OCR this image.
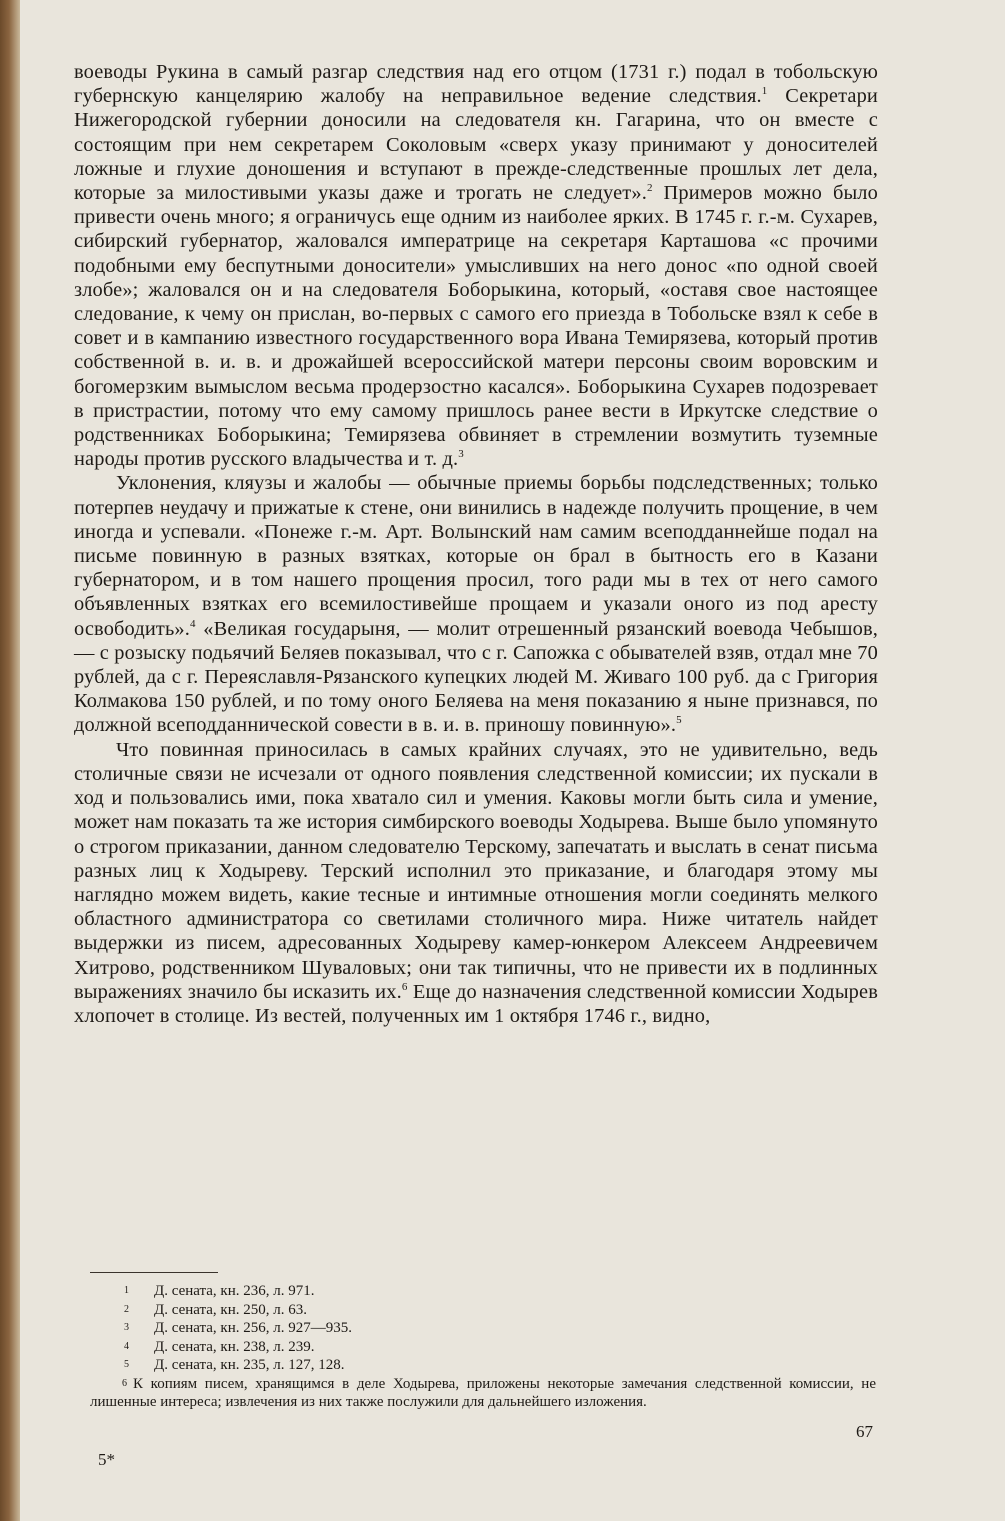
воеводы Рукина в самый разгар следствия над его отцом (1731 г.) подал в тобольскую губернскую канцелярию жалобу на неправильное ведение следствия.$^1$ Секретари Нижегородской губернии доносили на следователя кн. Гагарина, что он вместе с состоящим при нем секретарем Соколовым «сверх указу принимают у доносителей ложные и глухие доношения и вступают в прежде-следственные прошлых лет дела, которые за милостивыми указы даже и трогать не следует».$^2$ Примеров можно было привести очень много; я ограничусь еще одним из наиболее ярких. В 1745 г. г.-м. Сухарев, сибирский губернатор, жаловался императрице на секретаря Карташова «с прочими подобными ему беспутными доносители» умысливших на него донос «по одной своей злобе»; жаловался он и на следователя Боборыкина, который, «оставя свое настоящее следование, к чему он прислан, во-первых с самого его приезда в Тобольске взял к себе в совет и в кампанию известного государственного вора Ивана Темирязева, который против собственной в. и. в. и дрожайшей всероссийской матери персоны своим воровским и богомерзким вымыслом весьма продерзостно касался». Боборыкина Сухарев подозревает в пристрастии, потому что ему самому пришлось ранее вести в Иркутске следствие о родственниках Боборыкина; Темирязева обвиняет в стремлении возмутить туземные народы против русского владычества и т. д.$^3$

Уклонения, кляузы и жалобы — обычные приемы борьбы подследственных; только потерпев неудачу и прижатые к стене, они винились в надежде получить прощение, в чем иногда и успевали. «Понеже г.-м. Арт. Волынский нам самим всеподданнейше подал на письме повинную в разных взятках, которые он брал в бытность его в Казани губернатором, и в том нашего прощения просил, того ради мы в тех от него самого объявленных взятках его всемилостивейше прощаем и указали оного из под аресту освободить».$^4$ «Великая государыня, — молит отрешенный рязанский воевода Чебышов, — с розыску подьячий Беляев показывал, что с г. Сапожка с обывателей взяв, отдал мне 70 рублей, да с г. Переяславля-Рязанского купецких людей М. Живаго 100 руб. да с Григория Колмакова 150 рублей, и по тому оного Беляева на меня показанию я ныне признався, по должной всеподданнической совести в в. и. в. приношу повинную».$^5$

Что повинная приносилась в самых крайних случаях, это не удивительно, ведь столичные связи не исчезали от одного появления следственной комиссии; их пускали в ход и пользовались ими, пока хватало сил и умения. Каковы могли быть сила и умение, может нам показать та же история симбирского воеводы Ходырева. Выше было упомянуто о строгом приказании, данном следователю Терскому, запечатать и выслать в сенат письма разных лиц к Ходыреву. Терский исполнил это приказание, и благодаря этому мы наглядно можем видеть, какие тесные и интимные отношения могли соединять мелкого областного администратора со светилами столичного мира. Ниже читатель найдет выдержки из писем, адресованных Ходыреву камер-юнкером Алексеем Андреевичем Хитрово, родственником Шуваловых; они так типичны, что не привести их в подлинных выражениях значило бы исказить их.$^6$ Еще до назначения следственной комиссии Ходырев хлопочет в столице. Из вестей, полученных им 1 октября 1746 г., видно,

1 Д. сената, кн. 236, л. 971.
2 Д. сената, кн. 250, л. 63.
3 Д. сената, кн. 256, л. 927—935.
4 Д. сената, кн. 238, л. 239.
5 Д. сената, кн. 235, л. 127, 128.
6 К копиям писем, хранящимся в деле Ходырева, приложены некоторые замечания следственной комиссии, не лишенные интереса; извлечения из них также послужили для дальнейшего изложения.
5*
67
